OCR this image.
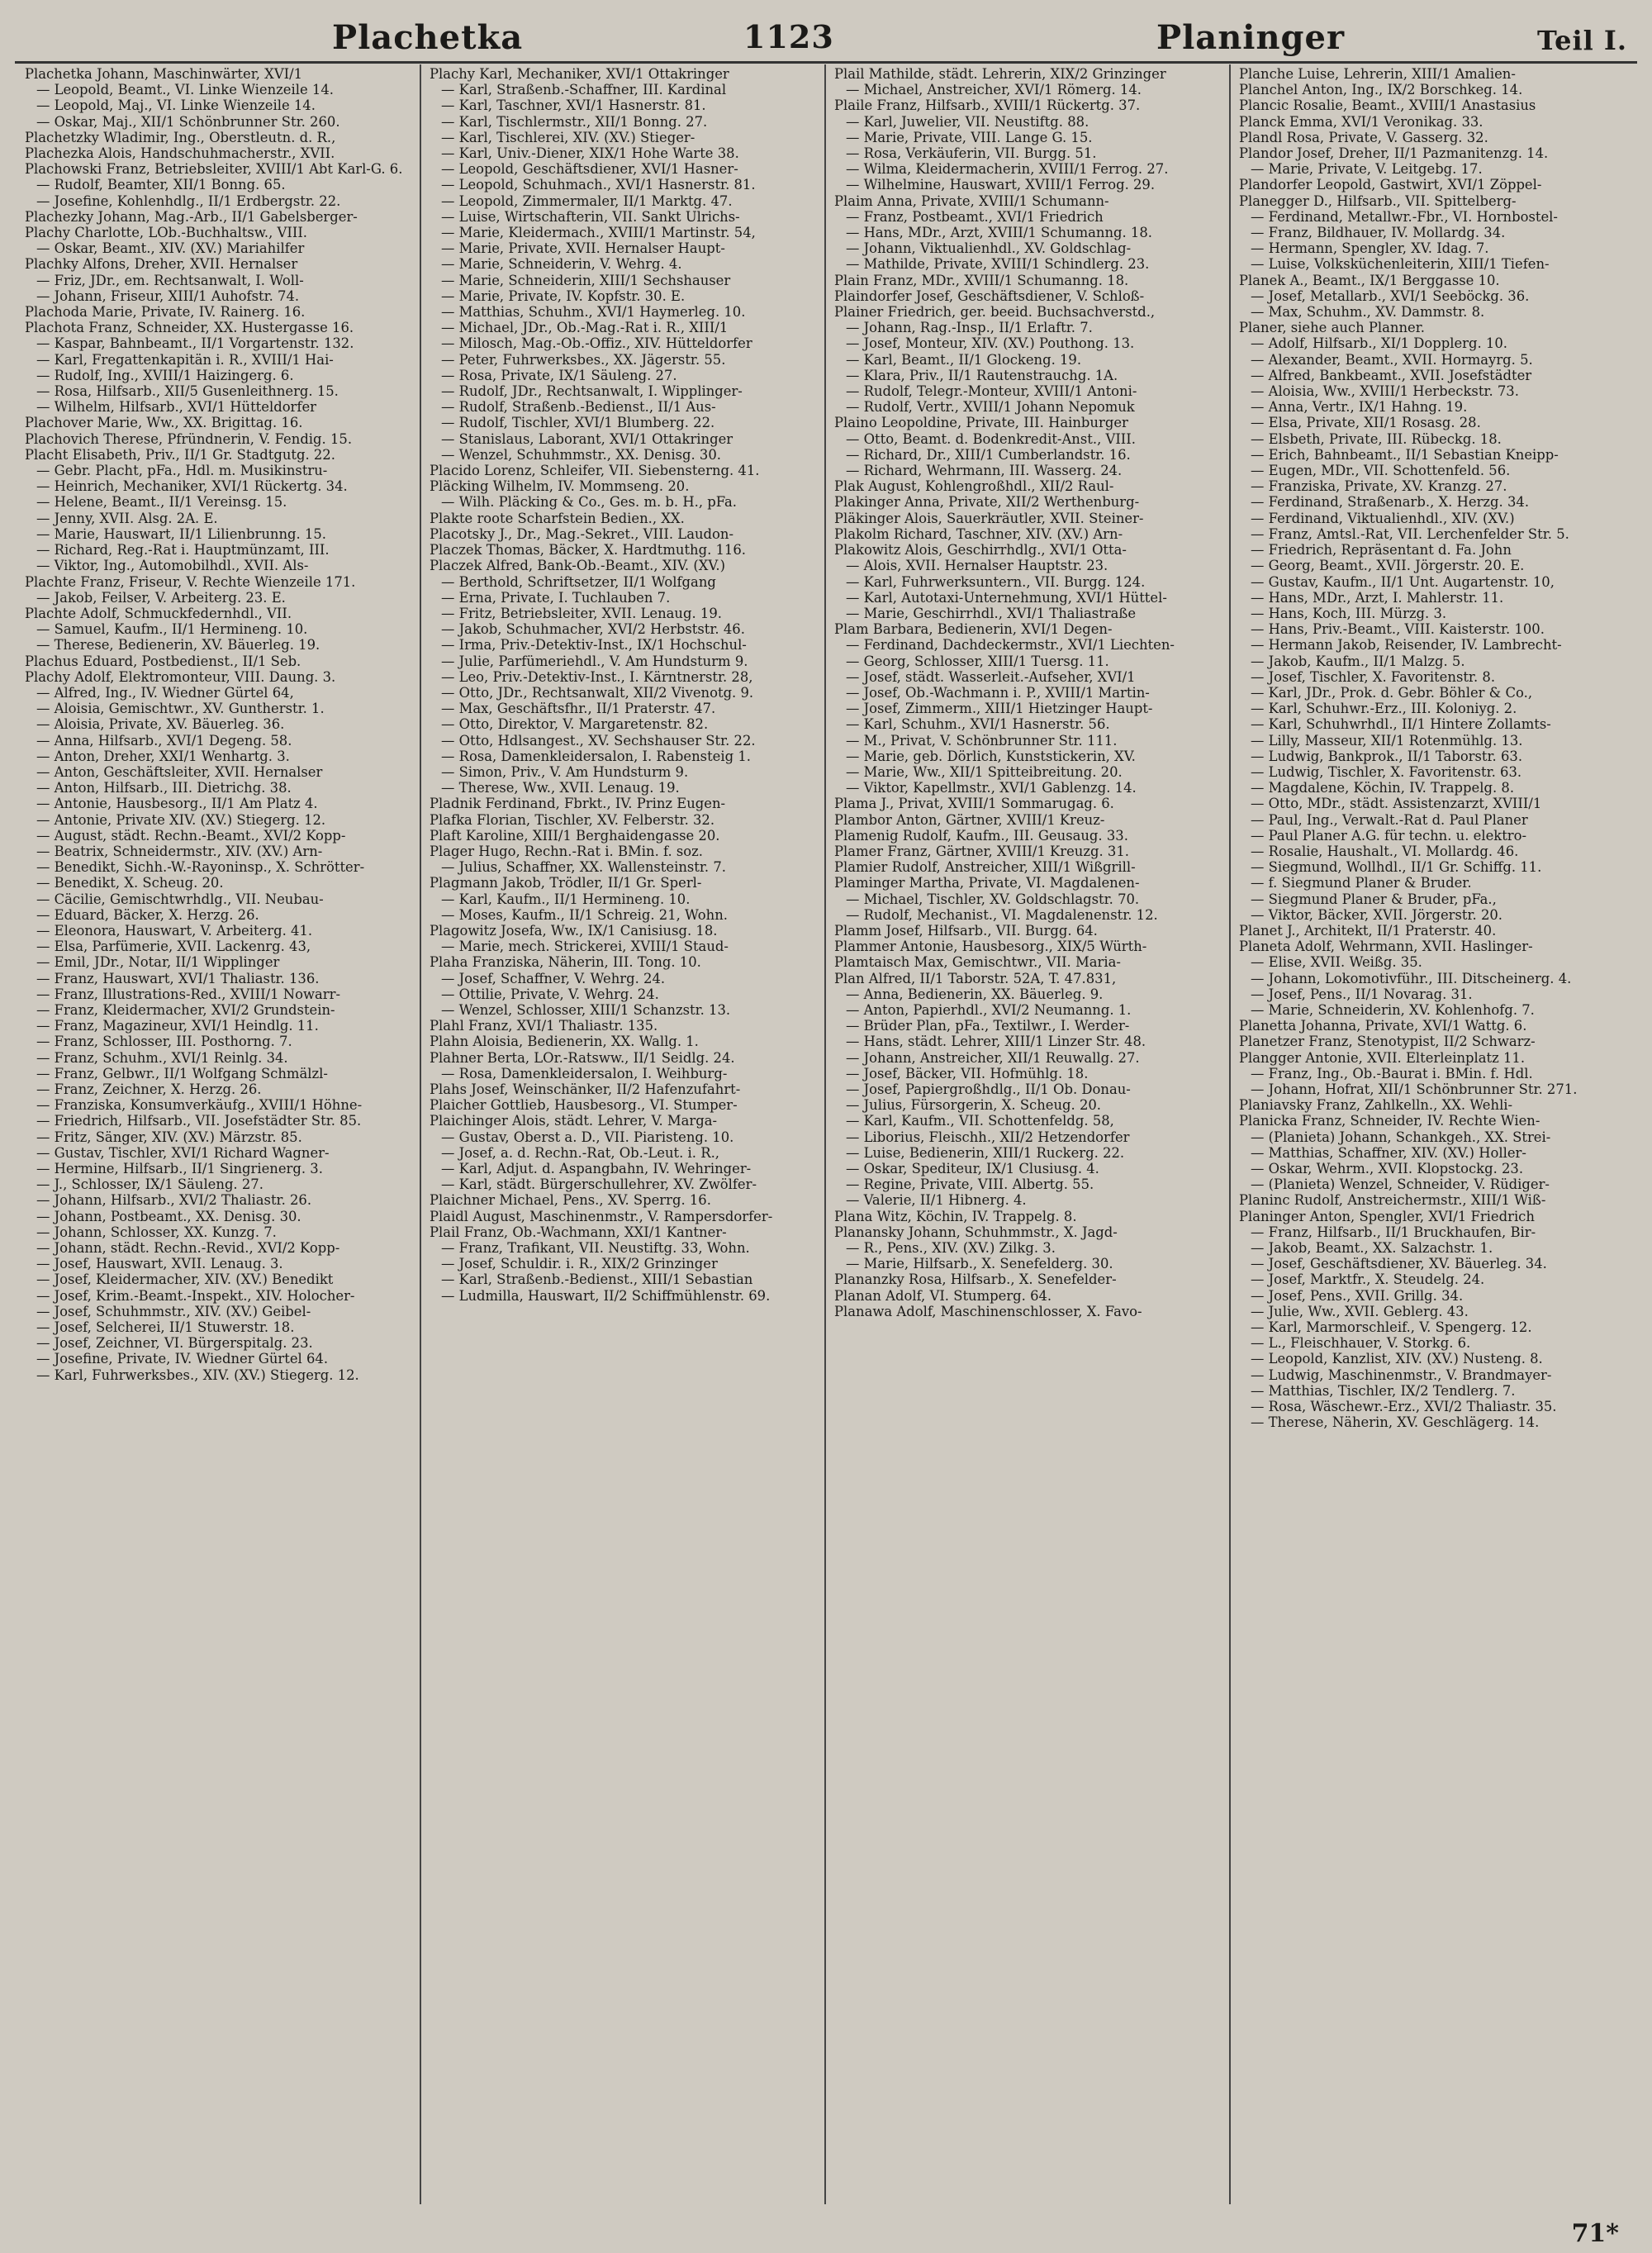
Plachetka	1123	Planinger	Teil I.
Plachetka Johann, Maschinwärter, XVI/1
— Leopold, Beamt., VI. Linke Wienzeile 14.
— Leopold, Maj., VI. Linke Wienzeile 14.
— Oskar, Maj., XII/1 Schönbrunner Str. 260.
Plachetzky Wladimir, Ing., Oberstleutn. d. R.,
Plachezka Alois, Handschuhmacherstr., XVII.
Plachowski Franz, Betriebsleiter, XVIII/1 Abt Karl-G. 6.
— Rudolf, Beamter, XII/1 Bonng. 65.
— Josefine, Kohlenhdlg., II/1 Erdbergstr. 22.
Plachezky Johann, Mag.-Arb., II/1 Gabelsberger-
Plachy Charlotte, LOb.-Buchhaltsw., VIII.
— Oskar, Beamt., XIV. (XV.) Mariahilfer
Plachky Alfons, Dreher, XVII. Hernalser
— Friz, JDr., em. Rechtsanwalt, I. Woll-
— Johann, Friseur, XIII/1 Auhofstr. 74.
Plachoda Marie, Private, IV. Rainerg. 16.
Plachota Franz, Schneider, XX. Hustergasse 16.
— Kaspar, Bahnbeamt., II/1 Vorgartenstr. 132.
— Karl, Fregattenkapitän i. R., XVIII/1 Hai-
— Rudolf, Ing., XVIII/1 Haizingerg. 6.
— Rosa, Hilfsarb., XII/5 Gusenleithnerg. 15.
— Wilhelm, Hilfsarb., XVI/1 Hütteldorfer
Plachover Marie, Ww., XX. Brigittag. 16.
Plachovich Therese, Pfründnerin, V. Fendig. 15.
Placht Elisabeth, Priv., II/1 Gr. Stadtgutg. 22.
— Gebr. Placht, pFa., Hdl. m. Musikinstru-
— Heinrich, Mechaniker, XVI/1 Rückertg. 34.
— Helene, Beamt., II/1 Vereinsg. 15.
— Jenny, XVII. Alsg. 2A. E.
— Marie, Hauswart, II/1 Lilienbrunng. 15.
— Richard, Reg.-Rat i. Hauptmünzamt, III.
— Viktor, Ing., Automobilhdl., XVII. Als-
Plachte Franz, Friseur, V. Rechte Wienzeile 171.
— Jakob, Feilser, V. Arbeiterg. 23. E.
Plachte Adolf, Schmuckfedernhdl., VII.
— Samuel, Kaufm., II/1 Hermineng. 10.
— Therese, Bedienerin, XV. Bäuerleg. 19.
Plachus Eduard, Postbedienst., II/1 Seb.
Plachy Adolf, Elektromonteur, VIII. Daung. 3.
— Alfred, Ing., IV. Wiedner Gürtel 64,
— Aloisia, Gemischtwr., XV. Guntherstr. 1.
— Aloisia, Private, XV. Bäuerleg. 36.
— Anna, Hilfsarb., XVI/1 Degeng. 58.
— Anton, Dreher, XXI/1 Wenhartg. 3.
— Anton, Geschäftsleiter, XVII. Hernalser
— Anton, Hilfsarb., III. Dietrichg. 38.
— Antonie, Hausbesorg., II/1 Am Platz 4.
— Antonie, Private XIV. (XV.) Stiegerg. 12.
— August, städt. Rechn.-Beamt., XVI/2 Kopp-
— Beatrix, Schneidermstr., XIV. (XV.) Arn-
— Benedikt, Sichh.-W.-Rayoninsp., X. Schrötter-
— Benedikt, X. Scheug. 20.
— Cäcilie, Gemischtwrhdlg., VII. Neubau-
— Eduard, Bäcker, X. Herzg. 26.
— Eleonora, Hauswart, V. Arbeiterg. 41.
— Elsa, Parfümerie, XVII. Lackenrg. 43,
— Emil, JDr., Notar, II/1 Wipplinger
— Franz, Hauswart, XVI/1 Thaliastr. 136.
— Franz, Illustrations-Red., XVIII/1 Nowarr-
— Franz, Kleidermacher, XVI/2 Grundstein-
— Franz, Magazineur, XVI/1 Heindlg. 11.
— Franz, Schlosser, III. Posthorng. 7.
— Franz, Schuhm., XVI/1 Reinlg. 34.
— Franz, Gelbwr., II/1 Wolfgang Schmälzl-
— Franz, Zeichner, X. Herzg. 26.
— Franziska, Konsumverkäufg., XVIII/1 Höhne-
— Friedrich, Hilfsarb., VII. Josefstädter Str. 85.
— Fritz, Sänger, XIV. (XV.) Märzstr. 85.
— Gustav, Tischler, XVI/1 Richard Wagner-
— Hermine, Hilfsarb., II/1 Singrienerg. 3.
— J., Schlosser, IX/1 Säuleng. 27.
— Johann, Hilfsarb., XVI/2 Thaliastr. 26.
— Johann, Postbeamt., XX. Denisg. 30.
— Johann, Schlosser, XX. Kunzg. 7.
— Johann, städt. Rechn.-Revid., XVI/2 Kopp-
— Josef, Hauswart, XVII. Lenaug. 3.
— Josef, Kleidermacher, XIV. (XV.) Benedikt
— Josef, Krim.-Beamt.-Inspekt., XIV. Holocher-
— Josef, Schuhmmstr., XIV. (XV.) Geibel-
— Josef, Selcherei, II/1 Stuwerstr. 18.
— Josef, Zeichner, VI. Bürgerspitalg. 23.
— Josefine, Private, IV. Wiedner Gürtel 64.
— Karl, Fuhrwerksbes., XIV. (XV.) Stiegerg. 12.
Plachy Karl, Mechaniker, XVI/1 Ottakringer
— Karl, Straßenb.-Schaffner, III. Kardinal
— Karl, Taschner, XVI/1 Hasnerstr. 81.
— Karl, Tischlermstr., XII/1 Bonng. 27.
— Karl, Tischlerei, XIV. (XV.) Stieger-
— Karl, Univ.-Diener, XIX/1 Hohe Warte 38.
— Leopold, Geschäftsdiener, XVI/1 Hasner-
— Leopold, Schuhmach., XVI/1 Hasnerstr. 81.
— Leopold, Zimmermaler, II/1 Marktg. 47.
— Luise, Wirtschafterin, VII. Sankt Ulrichs-
— Marie, Kleidermach., XVIII/1 Martinstr. 54,
— Marie, Private, XVII. Hernalser Haupt-
— Marie, Schneiderin, V. Wehrg. 4.
— Marie, Schneiderin, XIII/1 Sechshauser
— Marie, Private, IV. Kopfstr. 30. E.
— Matthias, Schuhm., XVI/1 Haymerleg. 10.
— Michael, JDr., Ob.-Mag.-Rat i. R., XIII/1
— Milosch, Mag.-Ob.-Offiz., XIV. Hütteldorfer
— Peter, Fuhrwerksbes., XX. Jägerstr. 55.
— Rosa, Private, IX/1 Säuleng. 27.
— Rudolf, JDr., Rechtsanwalt, I. Wipplinger-
— Rudolf, Straßenb.-Bedienst., II/1 Aus-
— Rudolf, Tischler, XVI/1 Blumberg. 22.
— Stanislaus, Laborant, XVI/1 Ottakringer
— Wenzel, Schuhmmstr., XX. Denisg. 30.
Placido Lorenz, Schleifer, VII. Siebensterng. 41.
Pläcking Wilhelm, IV. Mommseng. 20.
— Wilh. Pläcking & Co., Ges. m. b. H., pFa.
Plakte roote Scharfstein Bedien., XX.
Placotsky J., Dr., Mag.-Sekret., VIII. Laudon-
Placzek Thomas, Bäcker, X. Hardtmuthg. 116.
Placzek Alfred, Bank-Ob.-Beamt., XIV. (XV.)
— Berthold, Schriftsetzer, II/1 Wolfgang
— Erna, Private, I. Tuchlauben 7.
— Fritz, Betriebsleiter, XVII. Lenaug. 19.
— Jakob, Schuhmacher, XVI/2 Herbststr. 46.
— Irma, Priv.-Detektiv-Inst., IX/1 Hochschul-
— Julie, Parfümeriehdl., V. Am Hundsturm 9.
— Leo, Priv.-Detektiv-Inst., I. Kärntnerstr. 28,
— Otto, JDr., Rechtsanwalt, XII/2 Vivenotg. 9.
— Max, Geschäftsfhr., II/1 Praterstr. 47.
— Otto, Direktor, V. Margaretenstr. 82.
— Otto, Hdlsangest., XV. Sechshauser Str. 22.
— Rosa, Damenkleidersalon, I. Rabensteig 1.
— Simon, Priv., V. Am Hundsturm 9.
— Therese, Ww., XVII. Lenaug. 19.
Pladnik Ferdinand, Fbrkt., IV. Prinz Eugen-
Plafka Florian, Tischler, XV. Felberstr. 32.
Plaft Karoline, XIII/1 Berghaidengasse 20.
Plager Hugo, Rechn.-Rat i. BMin. f. soz.
— Julius, Schaffner, XX. Wallensteinstr. 7.
Plagmann Jakob, Trödler, II/1 Gr. Sperl-
— Karl, Kaufm., II/1 Hermineng. 10.
— Moses, Kaufm., II/1 Schreig. 21, Wohn.
Plagowitz Josefa, Ww., IX/1 Canisiusg. 18.
— Marie, mech. Strickerei, XVIII/1 Staud-
Plaha Franziska, Näherin, III. Tong. 10.
— Josef, Schaffner, V. Wehrg. 24.
— Ottilie, Private, V. Wehrg. 24.
— Wenzel, Schlosser, XIII/1 Schanzstr. 13.
Plahl Franz, XVI/1 Thaliastr. 135.
Plahn Aloisia, Bedienerin, XX. Wallg. 1.
Plahner Berta, LOr.-Ratsww., II/1 Seidlg. 24.
— Rosa, Damenkleidersalon, I. Weihburg-
Plahs Josef, Weinschänker, II/2 Hafenzufahrt-
Plaicher Gottlieb, Hausbesorg., VI. Stumper-
Plaichinger Alois, städt. Lehrer, V. Marga-
— Gustav, Oberst a. D., VII. Piaristeng. 10.
— Josef, a. d. Rechn.-Rat, Ob.-Leut. i. R.,
— Karl, Adjut. d. Aspangbahn, IV. Wehringer-
— Karl, städt. Bürgerschullehrer, XV. Zwölfer-
Plaichner Michael, Pens., XV. Sperrg. 16.
Plaidl August, Maschinenmstr., V. Rampersdorfer-
Plail Franz, Ob.-Wachmann, XXI/1 Kantner-
— Franz, Trafikant, VII. Neustiftg. 33, Wohn.
— Josef, Schuldir. i. R., XIX/2 Grinzinger
— Karl, Straßenb.-Bedienst., XIII/1 Sebastian
— Ludmilla, Hauswart, II/2 Schiffmühlenstr. 69.
Plail Mathilde, städt. Lehrerin, XIX/2 Grinzinger
— Michael, Anstreicher, XVI/1 Römerg. 14.
Plaile Franz, Hilfsarb., XVIII/1 Rückertg. 37.
— Karl, Juwelier, VII. Neustiftg. 88.
— Marie, Private, VIII. Lange G. 15.
— Rosa, Verkäuferin, VII. Burgg. 51.
— Wilma, Kleidermacherin, XVIII/1 Ferrog. 27.
— Wilhelmine, Hauswart, XVIII/1 Ferrog. 29.
Plaim Anna, Private, XVIII/1 Schumann-
— Franz, Postbeamt., XVI/1 Friedrich
— Hans, MDr., Arzt, XVIII/1 Schumanng. 18.
— Johann, Viktualienhdl., XV. Goldschlag-
— Mathilde, Private, XVIII/1 Schindlerg. 23.
Plain Franz, MDr., XVIII/1 Schumanng. 18.
Plaindorfer Josef, Geschäftsdiener, V. Schloß-
Plainer Friedrich, ger. beeid. Buchsachverstd.,
— Johann, Rag.-Insp., II/1 Erlaftr. 7.
— Josef, Monteur, XIV. (XV.) Pouthong. 13.
— Karl, Beamt., II/1 Glockeng. 19.
— Klara, Priv., II/1 Rautenstrauchg. 1A.
— Rudolf, Telegr.-Monteur, XVIII/1 Antoni-
— Rudolf, Vertr., XVIII/1 Johann Nepomuk
Plaino Leopoldine, Private, III. Hainburger
— Otto, Beamt. d. Bodenkredit-Anst., VIII.
— Richard, Dr., XIII/1 Cumberlandstr. 16.
— Richard, Wehrmann, III. Wasserg. 24.
Plak August, Kohlengroßhdl., XII/2 Raul-
Plakinger Anna, Private, XII/2 Werthenburg-
Pläkinger Alois, Sauerkräutler, XVII. Steiner-
Plakolm Richard, Taschner, XIV. (XV.) Arn-
Plakowitz Alois, Geschirrhdlg., XVI/1 Otta-
— Alois, XVII. Hernalser Hauptstr. 23.
— Karl, Fuhrwerksuntern., VII. Burgg. 124.
— Karl, Autotaxi-Unternehmung, XVI/1 Hüttel-
— Marie, Geschirrhdl., XVI/1 Thaliastraße
Plam Barbara, Bedienerin, XVI/1 Degen-
— Ferdinand, Dachdeckermstr., XVI/1 Liechten-
— Georg, Schlosser, XIII/1 Tuersg. 11.
— Josef, städt. Wasserleit.-Aufseher, XVI/1
— Josef, Ob.-Wachmann i. P., XVIII/1 Martin-
— Josef, Zimmerm., XIII/1 Hietzinger Haupt-
— Karl, Schuhm., XVI/1 Hasnerstr. 56.
— M., Privat, V. Schönbrunner Str. 111.
— Marie, geb. Dörlich, Kunststickerin, XV.
— Marie, Ww., XII/1 Spitteibreitung. 20.
— Viktor, Kapellmstr., XVI/1 Gablenzg. 14.
Plama J., Privat, XVIII/1 Sommarugag. 6.
Plambor Anton, Gärtner, XVIII/1 Kreuz-
Plamenig Rudolf, Kaufm., III. Geusaug. 33.
Plamer Franz, Gärtner, XVIII/1 Kreuzg. 31.
Plamier Rudolf, Anstreicher, XIII/1 Wißgrill-
Plaminger Martha, Private, VI. Magdalenen-
— Michael, Tischler, XV. Goldschlagstr. 70.
— Rudolf, Mechanist., VI. Magdalenenstr. 12.
Plamm Josef, Hilfsarb., VII. Burgg. 64.
Plammer Antonie, Hausbesorg., XIX/5 Würth-
Plamtaisch Max, Gemischtwr., VII. Maria-
Plan Alfred, II/1 Taborstr. 52A, T. 47.831,
— Anna, Bedienerin, XX. Bäuerleg. 9.
— Anton, Papierhdl., XVI/2 Neumanng. 1.
— Brüder Plan, pFa., Textilwr., I. Werder-
— Hans, städt. Lehrer, XIII/1 Linzer Str. 48.
— Johann, Anstreicher, XII/1 Reuwallg. 27.
— Josef, Bäcker, VII. Hofmühlg. 18.
— Josef, Papiergroßhdlg., II/1 Ob. Donau-
— Julius, Fürsorgerin, X. Scheug. 20.
— Karl, Kaufm., VII. Schottenfeldg. 58,
— Liborius, Fleischh., XII/2 Hetzendorfer
— Luise, Bedienerin, XIII/1 Ruckerg. 22.
— Oskar, Spediteur, IX/1 Clusiusg. 4.
— Regine, Private, VIII. Albertg. 55.
— Valerie, II/1 Hibnerg. 4.
Plana Witz, Köchin, IV. Trappelg. 8.
Planansky Johann, Schuhmmstr., X. Jagd-
— R., Pens., XIV. (XV.) Zilkg. 3.
— Marie, Hilfsarb., X. Senefelderg. 30.
Plananzky Rosa, Hilfsarb., X. Senefelder-
Planan Adolf, VI. Stumperg. 64.
Planawa Adolf, Maschinenschlosser, X. Favo-
Planche Luise, Lehrerin, XIII/1 Amalien-
Planchel Anton, Ing., IX/2 Borschkeg. 14.
Plancic Rosalie, Beamt., XVIII/1 Anastasius
Planck Emma, XVI/1 Veronikag. 33.
Plandl Rosa, Private, V. Gasserg. 32.
Plandor Josef, Dreher, II/1 Pazmanitenzg. 14.
— Marie, Private, V. Leitgebg. 17.
Plandorfer Leopold, Gastwirt, XVI/1 Zöppel-
Planegger D., Hilfsarb., VII. Spittelberg-
— Ferdinand, Metallwr.-Fbr., VI. Hornbostel-
— Franz, Bildhauer, IV. Mollardg. 34.
— Hermann, Spengler, XV. Idag. 7.
— Luise, Volksküchenleiterin, XIII/1 Tiefen-
Planek A., Beamt., IX/1 Berggasse 10.
— Josef, Metallarb., XVI/1 Seeböckg. 36.
— Max, Schuhm., XV. Dammstr. 8.
Planer, siehe auch Planner.
— Adolf, Hilfsarb., XI/1 Dopplerg. 10.
— Alexander, Beamt., XVII. Hormayrg. 5.
— Alfred, Bankbeamt., XVII. Josefstädter
— Aloisia, Ww., XVIII/1 Herbeckstr. 73.
— Anna, Vertr., IX/1 Hahng. 19.
— Elsa, Private, XII/1 Rosasg. 28.
— Elsbeth, Private, III. Rübeckg. 18.
— Erich, Bahnbeamt., II/1 Sebastian Kneipp-
— Eugen, MDr., VII. Schottenfeld. 56.
— Franziska, Private, XV. Kranzg. 27.
— Ferdinand, Straßenarb., X. Herzg. 34.
— Ferdinand, Viktualienhdl., XIV. (XV.)
— Franz, Amtsl.-Rat, VII. Lerchenfelder Str. 5.
— Friedrich, Repräsentant d. Fa. John
— Georg, Beamt., XVII. Jörgerstr. 20. E.
— Gustav, Kaufm., II/1 Unt. Augartenstr. 10,
— Hans, MDr., Arzt, I. Mahlerstr. 11.
— Hans, Koch, III. Mürzg. 3.
— Hans, Priv.-Beamt., VIII. Kaisterstr. 100.
— Hermann Jakob, Reisender, IV. Lambrecht-
— Jakob, Kaufm., II/1 Malzg. 5.
— Josef, Tischler, X. Favoritenstr. 8.
— Karl, JDr., Prok. d. Gebr. Böhler & Co.,
— Karl, Schuhwr.-Erz., III. Koloniyg. 2.
— Karl, Schuhwrhdl., II/1 Hintere Zollamts-
— Lilly, Masseur, XII/1 Rotenmühlg. 13.
— Ludwig, Bankprok., II/1 Taborstr. 63.
— Ludwig, Tischler, X. Favoritenstr. 63.
— Magdalene, Köchin, IV. Trappelg. 8.
— Otto, MDr., städt. Assistenzarzt, XVIII/1
— Paul, Ing., Verwalt.-Rat d. Paul Planer
— Paul Planer A.G. für techn. u. elektro-
— Rosalie, Haushalt., VI. Mollardg. 46.
— Siegmund, Wollhdl., II/1 Gr. Schiffg. 11.
— f. Siegmund Planer & Bruder.
— Siegmund Planer & Bruder, pFa.,
— Viktor, Bäcker, XVII. Jörgerstr. 20.
Planet J., Architekt, II/1 Praterstr. 40.
Planeta Adolf, Wehrmann, XVII. Haslinger-
— Elise, XVII. Weißg. 35.
— Johann, Lokomotivführ., III. Ditscheinerg. 4.
— Josef, Pens., II/1 Novarag. 31.
— Marie, Schneiderin, XV. Kohlenhofg. 7.
Planetta Johanna, Private, XVI/1 Wattg. 6.
Planetzer Franz, Stenotypist, II/2 Schwarz-
Plangger Antonie, XVII. Elterleinplatz 11.
— Franz, Ing., Ob.-Baurat i. BMin. f. Hdl.
— Johann, Hofrat, XII/1 Schönbrunner Str. 271.
Planiavsky Franz, Zahlkelln., XX. Wehli-
Planicka Franz, Schneider, IV. Rechte Wien-
— (Planieta) Johann, Schankgeh., XX. Strei-
— Matthias, Schaffner, XIV. (XV.) Holler-
— Oskar, Wehrm., XVII. Klopstockg. 23.
— (Planieta) Wenzel, Schneider, V. Rüdiger-
Planinc Rudolf, Anstreichermstr., XIII/1 Wiß-
Planinger Anton, Spengler, XVI/1 Friedrich
— Franz, Hilfsarb., II/1 Bruckhaufen, Bir-
— Jakob, Beamt., XX. Salzachstr. 1.
— Josef, Geschäftsdiener, XV. Bäuerleg. 34.
— Josef, Marktfr., X. Steudelg. 24.
— Josef, Pens., XVII. Grillg. 34.
— Julie, Ww., XVII. Geblerg. 43.
— Karl, Marmorschleif., V. Spengerg. 12.
— L., Fleischhauer, V. Storkg. 6.
— Leopold, Kanzlist, XIV. (XV.) Nusteng. 8.
— Ludwig, Maschinenmstr., V. Brandmayer-
— Matthias, Tischler, IX/2 Tendlerg. 7.
— Rosa, Wäschewr.-Erz., XVI/2 Thaliastr. 35.
— Therese, Näherin, XV. Geschlägerg. 14.
71*
